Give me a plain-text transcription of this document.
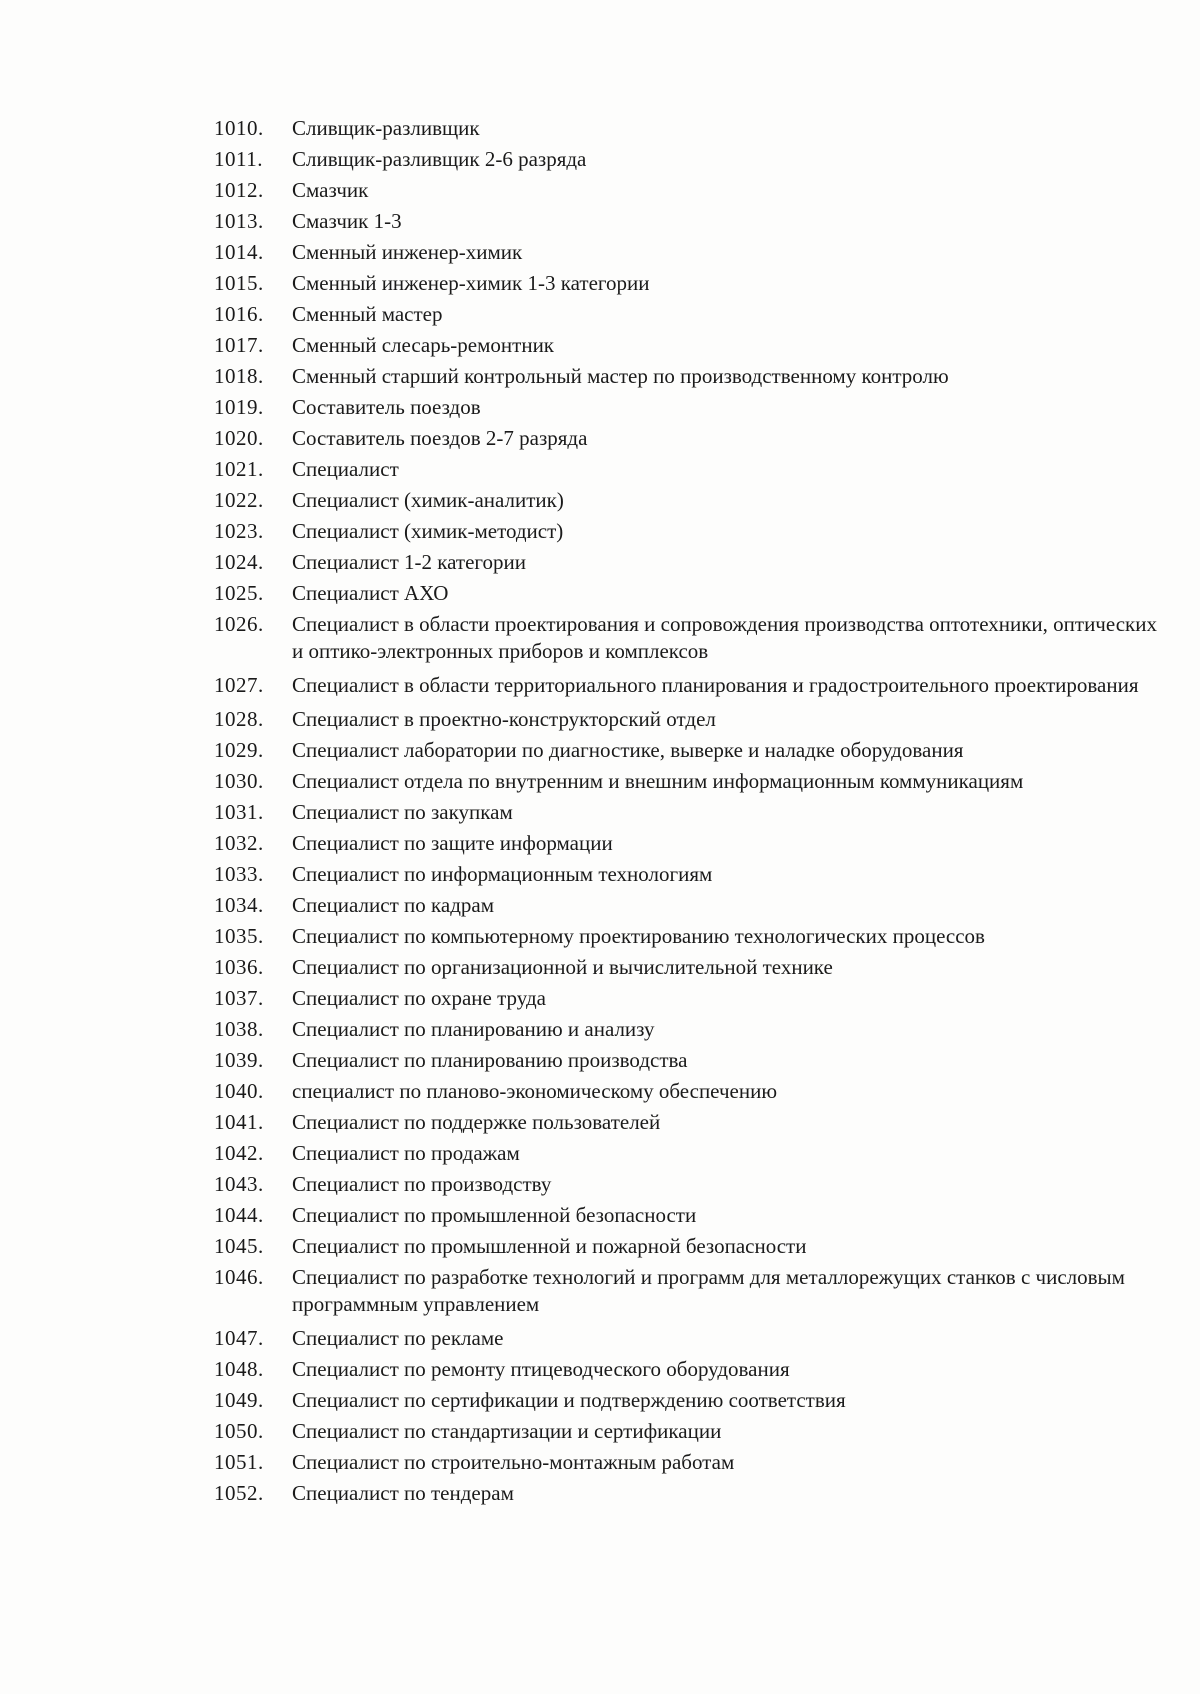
1010.	Сливщик-разливщик
1011.	Сливщик-разливщик 2-6 разряда
1012.	Смазчик
1013.	Смазчик 1-3
1014.	Сменный инженер-химик
1015.	Сменный инженер-химик 1-3 категории
1016.	Сменный мастер
1017.	Сменный слесарь-ремонтник
1018.	Сменный старший контрольный мастер по производственному контролю
1019.	Составитель поездов
1020.	Составитель поездов 2-7 разряда
1021.	Специалист
1022.	Специалист (химик-аналитик)
1023.	Специалист (химик-методист)
1024.	Специалист 1-2 категории
1025.	Специалист АХО
1026.	Специалист в области проектирования и сопровождения производства оптотехники, оптических и оптико-электронных приборов и комплексов
1027.	Специалист в области территориального планирования и градостроительного проектирования
1028.	Специалист в проектно-конструкторский отдел
1029.	Специалист лаборатории по диагностике, выверке и наладке оборудования
1030.	Специалист отдела по внутренним и внешним информационным коммуникациям
1031.	Специалист по закупкам
1032.	Специалист по защите информации
1033.	Специалист по информационным технологиям
1034.	Специалист по кадрам
1035.	Специалист по компьютерному проектированию технологических процессов
1036.	Специалист по организационной и вычислительной технике
1037.	Специалист по охране труда
1038.	Специалист по планированию и анализу
1039.	Специалист по планированию производства
1040.	специалист по планово-экономическому обеспечению
1041.	Специалист по поддержке пользователей
1042.	Специалист по продажам
1043.	Специалист по производству
1044.	Специалист по промышленной безопасности
1045.	Специалист по промышленной и пожарной безопасности
1046.	Специалист по разработке технологий и программ для металлорежущих станков с числовым программным управлением
1047.	Специалист по рекламе
1048.	Специалист по ремонту птицеводческого оборудования
1049.	Специалист по сертификации и подтверждению соответствия
1050.	Специалист по стандартизации и сертификации
1051.	Специалист по строительно-монтажным работам
1052.	Специалист по тендерам
